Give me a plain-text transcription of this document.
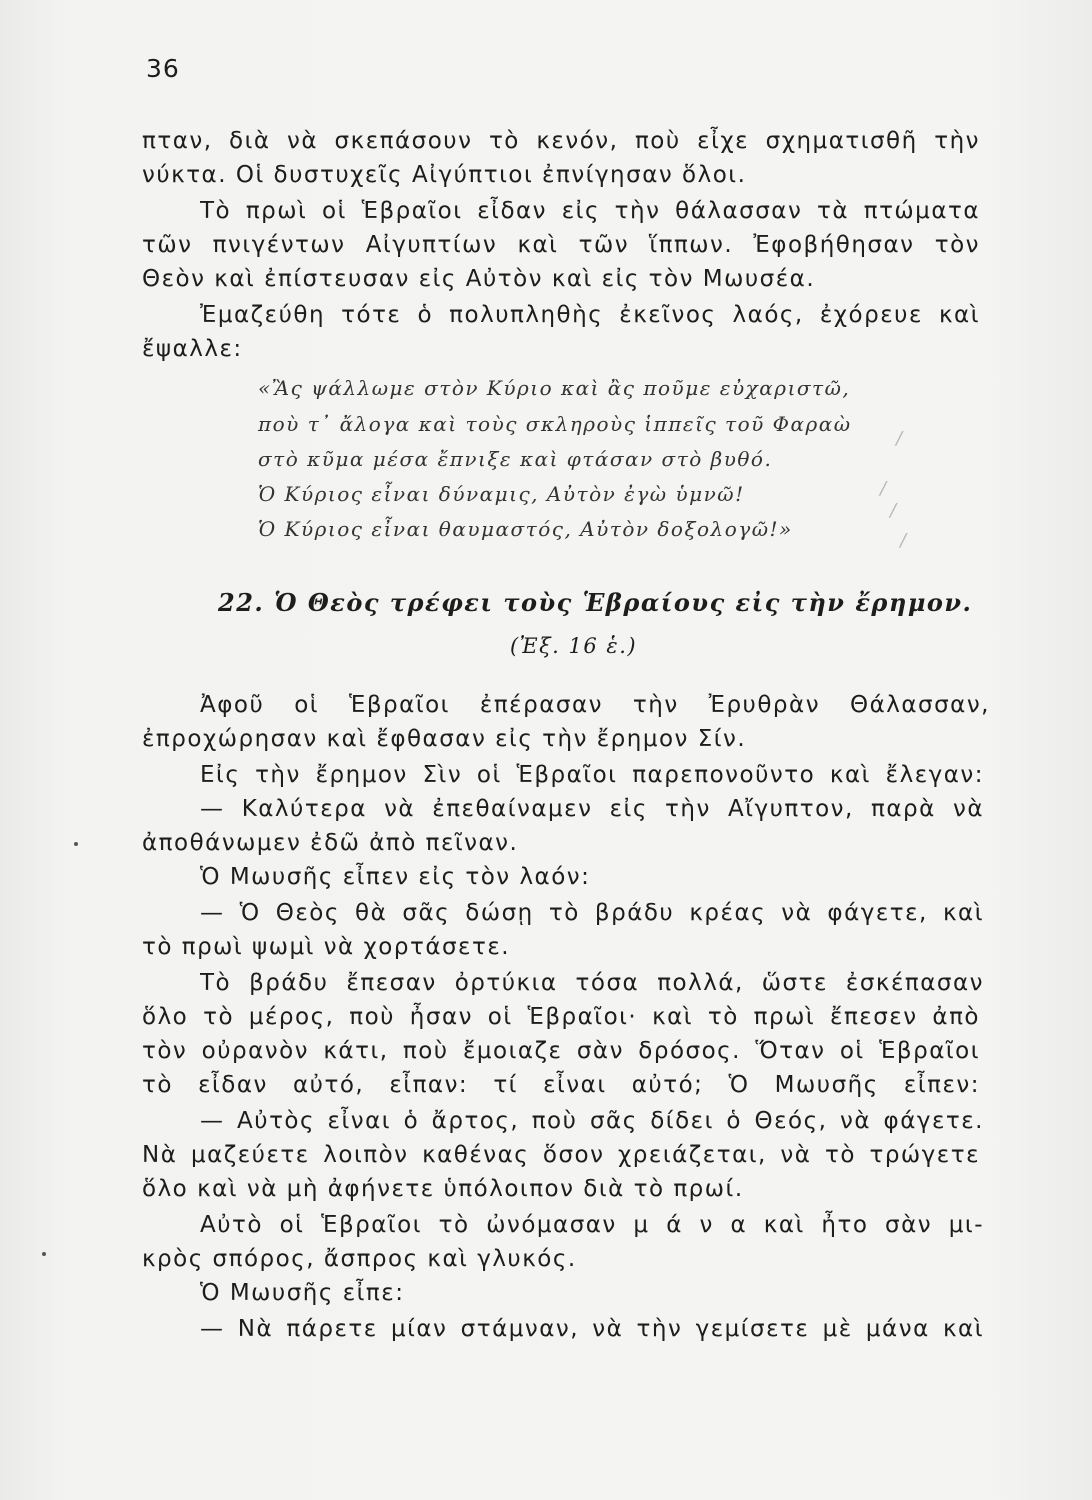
36
πταν, διὰ νὰ σκεπάσουν τὸ κενόν, ποὺ εἶχε σχηματισθῆ τὴν
νύκτα. Οἱ δυστυχεῖς Αἰγύπτιοι ἐπνίγησαν ὅλοι.
Τὸ πρωὶ οἱ Ἑβραῖοι εἶδαν εἰς τὴν θάλασσαν τὰ πτώματα
τῶν πνιγέντων Αἰγυπτίων καὶ τῶν ἵππων. Ἐφοβήθησαν τὸν
Θεὸν καὶ ἐπίστευσαν εἰς Αὐτὸν καὶ εἰς τὸν Μωυσέα.
Ἐμαζεύθη τότε ὁ πολυπληθὴς ἐκεῖνος λαός, ἐχόρευε καὶ
ἔψαλλε:
«Ἂς ψάλλωμε στὸν Κύριο καὶ ἂς ποῦμε εὐχαριστῶ,
ποὺ τ᾽ ἄλογα καὶ τοὺς σκληροὺς ἱππεῖς τοῦ Φαραὼ
στὸ κῦμα μέσα ἔπνιξε καὶ φτάσαν στὸ βυθό.
Ὁ Κύριος εἶναι δύναμις, Αὐτὸν ἐγὼ ὑμνῶ!
Ὁ Κύριος εἶναι θαυμαστός, Αὐτὸν δοξολογῶ!»
/
/
/
/
22. Ὁ Θεὸς τρέφει τοὺς Ἑβραίους εἰς τὴν ἔρημον.
(Ἐξ. 16 ἑ.)
Ἀφοῦ οἱ Ἑβραῖοι ἐπέρασαν τὴν Ἐρυθρὰν Θάλασσαν,
ἐπροχώρησαν καὶ ἔφθασαν εἰς τὴν ἔρημον Σίν.
Εἰς τὴν ἔρημον Σὶν οἱ Ἑβραῖοι παρεπονοῦντο καὶ ἔλεγαν:
— Καλύτερα νὰ ἐπεθαίναμεν εἰς τὴν Αἴγυπτον, παρὰ νὰ
ἀποθάνωμεν ἐδῶ ἀπὸ πεῖναν.
Ὁ Μωυσῆς εἶπεν εἰς τὸν λαόν:
— Ὁ Θεὸς θὰ σᾶς δώσῃ τὸ βράδυ κρέας νὰ φάγετε, καὶ
τὸ πρωὶ ψωμὶ νὰ χορτάσετε.
Τὸ βράδυ ἔπεσαν ὀρτύκια τόσα πολλά, ὥστε ἐσκέπασαν
ὅλο τὸ μέρος, ποὺ ἦσαν οἱ Ἑβραῖοι· καὶ τὸ πρωὶ ἔπεσεν ἀπὸ
τὸν οὐρανὸν κάτι, ποὺ ἔμοιαζε σὰν δρόσος. Ὅταν οἱ Ἑβραῖοι
τὸ εἶδαν αὐτό, εἶπαν: τί εἶναι αὐτό; Ὁ Μωυσῆς εἶπεν:
— Αὐτὸς εἶναι ὁ ἄρτος, ποὺ σᾶς δίδει ὁ Θεός, νὰ φάγετε.
Νὰ μαζεύετε λοιπὸν καθένας ὅσον χρειάζεται, νὰ τὸ τρώγετε
ὅλο καὶ νὰ μὴ ἀφήνετε ὑπόλοιπον διὰ τὸ πρωί.
Αὐτὸ οἱ Ἑβραῖοι τὸ ὠνόμασαν μ ά ν α καὶ ἦτο σὰν μι-
κρὸς σπόρος, ἄσπρος καὶ γλυκός.
Ὁ Μωυσῆς εἶπε:
— Νὰ πάρετε μίαν στάμναν, νὰ τὴν γεμίσετε μὲ μάνα καὶ
